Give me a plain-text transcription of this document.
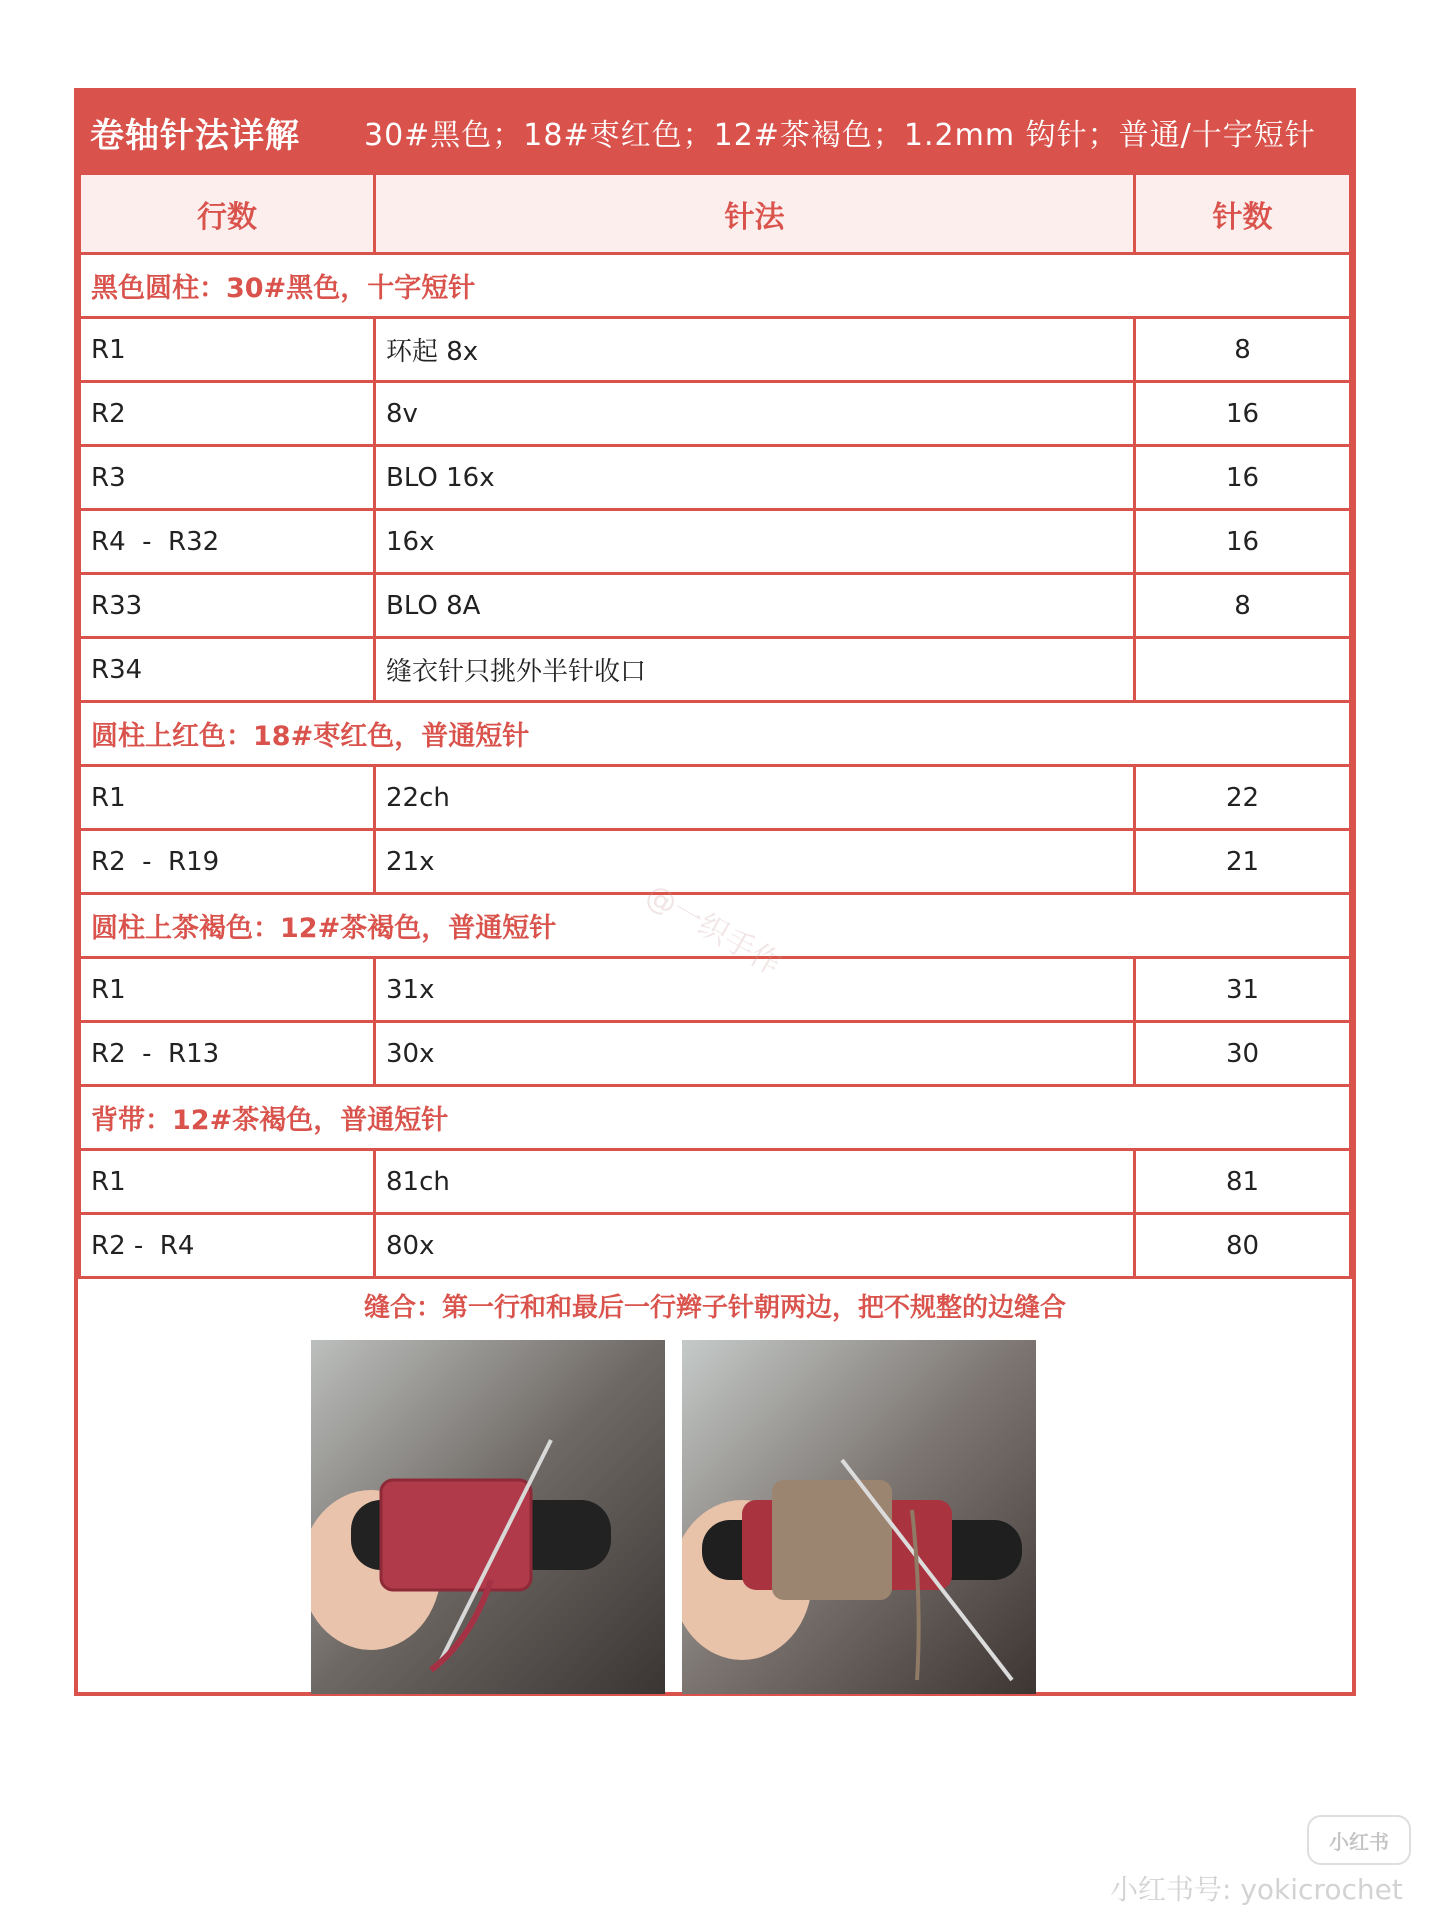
卷轴针法详解 30#黑色；18#枣红色；12#茶褐色；1.2mm 钩针；普通/十字短针
行数	针法	针数
黑色圆柱：30#黑色，十字短针		
R1	环起 8x	8
R2	8v	16
R3	BLO 16x	16
R4  -  R32	16x	16
R33	BLO 8A	8
R34	缝衣针只挑外半针收口	
圆柱上红色：18#枣红色，普通短针		
R1	22ch	22
R2  -  R19	21x	21
圆柱上茶褐色：12#茶褐色，普通短针		
R1	31x	31
R2  -  R13	30x	30
背带：12#茶褐色，普通短针		
R1	81ch	81
R2 -  R4	80x	80
缝合：第一行和和最后一行辫子针朝两边，把不规整的边缝合
@一织手作
小红书
小红书号: yokicrochet
